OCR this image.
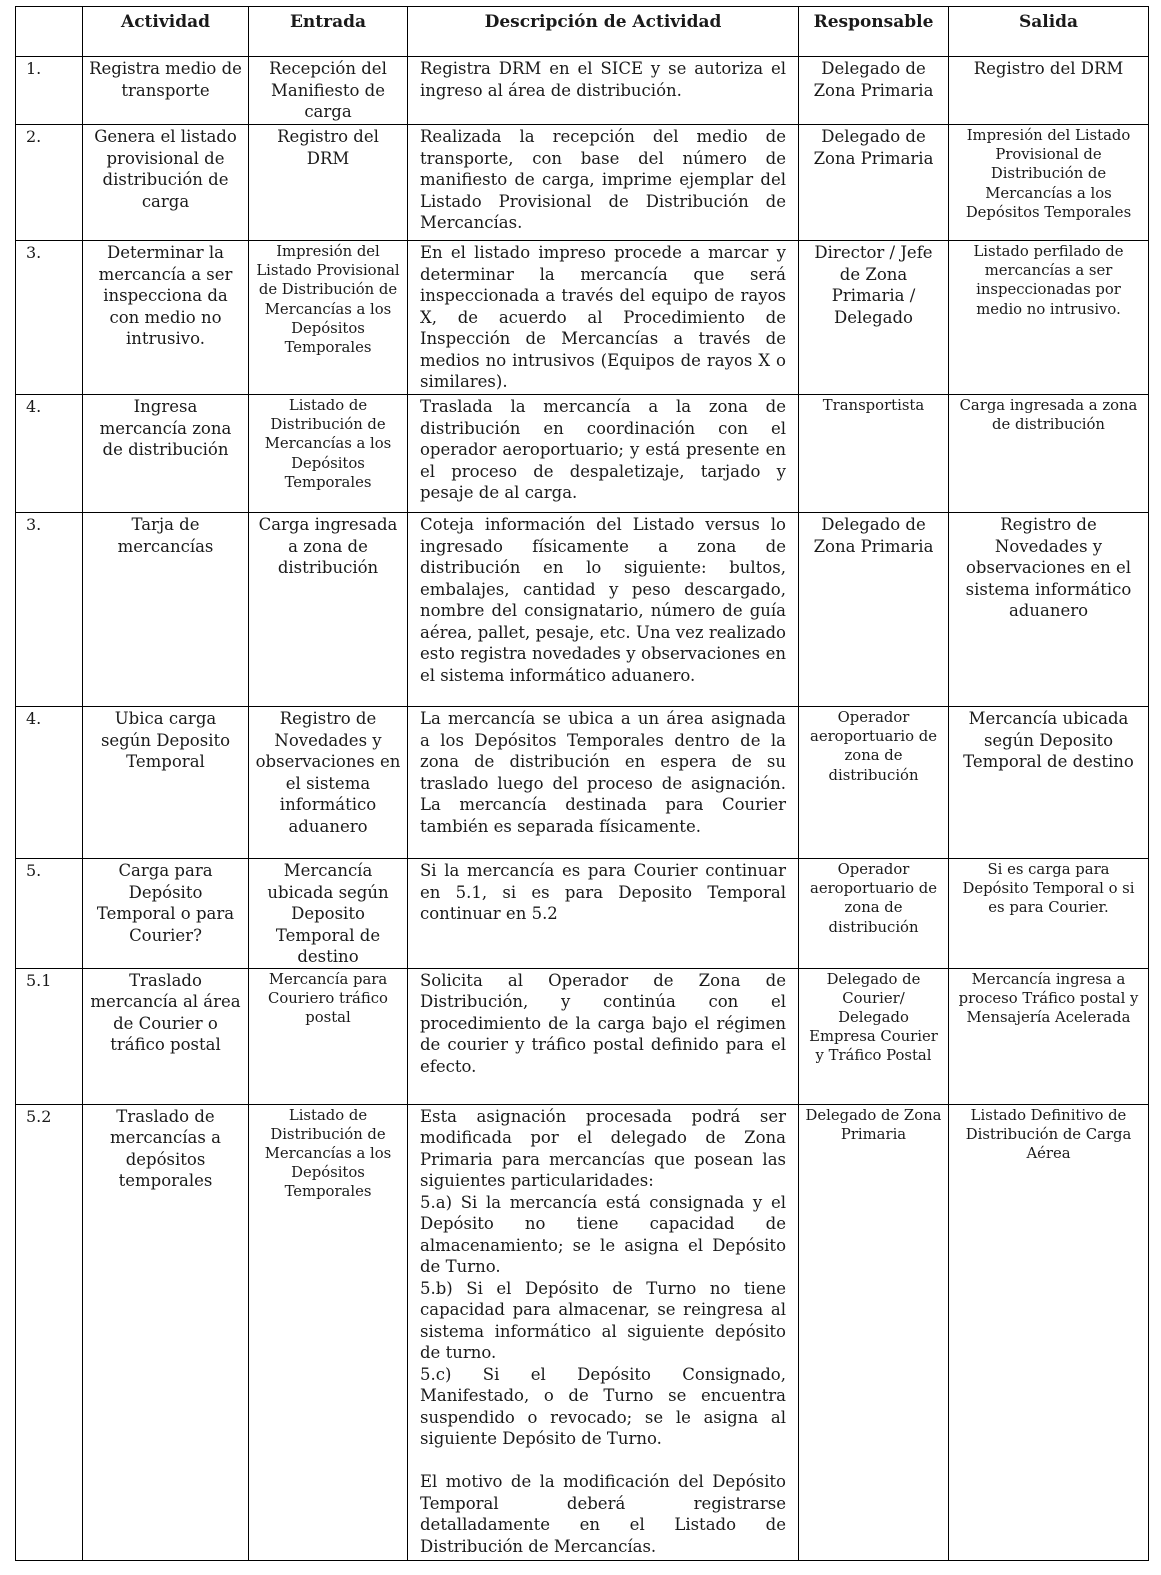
	Actividad	Entrada	Descripción de Actividad	Responsable	Salida
1.	Registra medio de transporte	Recepción del Manifiesto de carga	Registra DRM en el SICE y se autoriza el ingreso al área de distribución.	Delegado de Zona Primaria	Registro del DRM
2.	Genera el listado provisional de distribución de carga	Registro del DRM	Realizada la recepción del medio de transporte, con base del número de manifiesto de carga, imprime ejemplar del Listado Provisional de Distribución de Mercancías.	Delegado de Zona Primaria	Impresión del Listado Provisional de Distribución de Mercancías a los Depósitos Temporales
3.	Determinar la mercancía a ser inspecciona da con medio no intrusivo.	Impresión del Listado Provisional de Distribución de Mercancías a los Depósitos Temporales	En el listado impreso procede a marcar y determinar la mercancía que será inspeccionada a través del equipo de rayos X, de acuerdo al Procedimiento de Inspección de Mercancías a través de medios no intrusivos (Equipos de rayos X o similares).	Director / Jefe de Zona Primaria / Delegado	Listado perfilado de mercancías a ser inspeccionadas por medio no intrusivo.
4.	Ingresa mercancía zona de distribución	Listado de Distribución de Mercancías a los Depósitos Temporales	Traslada la mercancía a la zona de distribución en coordinación con el operador aeroportuario; y está presente en el proceso de despaletizaje, tarjado y pesaje de al carga.	Transportista	Carga ingresada a zona de distribución
3.	Tarja de mercancías	Carga ingresada a zona de distribución	Coteja información del Listado versus lo ingresado físicamente a zona de distribución en lo siguiente: bultos, embalajes, cantidad y peso descargado, nombre del consignatario, número de guía aérea, pallet, pesaje, etc. Una vez realizado esto registra novedades y observaciones en el sistema informático aduanero.	Delegado de Zona Primaria	Registro de Novedades y observaciones en el sistema informático aduanero
4.	Ubica carga según Deposito Temporal	Registro de Novedades y observaciones en el sistema informático aduanero	La mercancía se ubica a un área asignada a los Depósitos Temporales dentro de la zona de distribución en espera de su traslado luego del proceso de asignación. La mercancía destinada para Courier también es separada físicamente.	Operador aeroportuario de zona de distribución	Mercancía ubicada según Deposito Temporal de destino
5.	Carga para Depósito Temporal o para Courier?	Mercancía ubicada según Deposito Temporal de destino	Si la mercancía es para Courier continuar en 5.1, si es para Deposito Temporal continuar en 5.2	Operador aeroportuario de zona de distribución	Si es carga para Depósito Temporal o si es para Courier.
5.1	Traslado mercancía al área de Courier o tráfico postal	Mercancía para Couriero tráfico postal	Solicita al Operador de Zona de Distribución, y continúa con el procedimiento de la carga bajo el régimen de courier y tráfico postal definido para el efecto.	Delegado de Courier/ Delegado Empresa Courier y Tráfico Postal	Mercancía ingresa a proceso Tráfico postal y Mensajería Acelerada
5.2	Traslado de mercancías a depósitos temporales	Listado de Distribución de Mercancías a los Depósitos Temporales	Esta asignación procesada podrá ser modificada por el delegado de Zona Primaria para mercancías que posean las siguientes particularidades:
5.a) Si la mercancía está consignada y el Depósito no tiene capacidad de almacenamiento; se le asigna el Depósito de Turno.
5.b) Si el Depósito de Turno no tiene capacidad para almacenar, se reingresa al sistema informático al siguiente depósito de turno.
5.c) Si el Depósito Consignado, Manifestado, o de Turno se encuentra suspendido o revocado; se le asigna al siguiente Depósito de Turno.

El motivo de la modificación del Depósito Temporal deberá registrarse detalladamente en el Listado de Distribución de Mercancías.	Delegado de Zona Primaria	Listado Definitivo de Distribución de Carga Aérea
